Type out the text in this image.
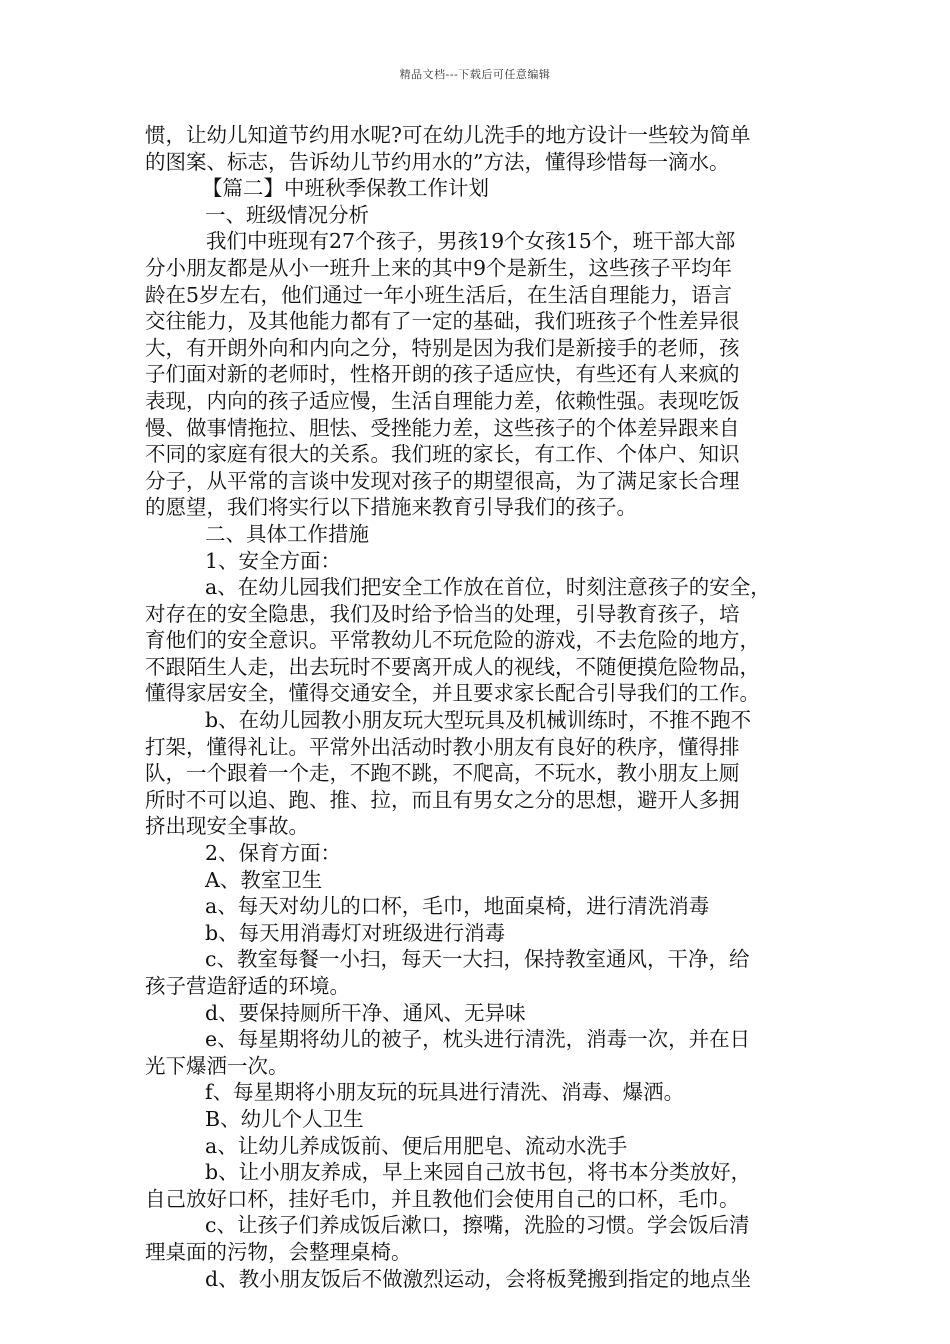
精品文档---下载后可任意编辑

惯，让幼儿知道节约用水呢?可在幼儿洗手的地方设计一些较为简单

的图案、标志，告诉幼儿节约用水的”方法，懂得珍惜每一滴水。

【篇二】中班秋季保教工作计划

一、班级情况分析

我们中班现有27个孩子，男孩19个女孩15个，班干部大部

分小朋友都是从小一班升上来的其中9个是新生，这些孩子平均年

龄在5岁左右，他们通过一年小班生活后，在生活自理能力，语言

交往能力，及其他能力都有了一定的基础，我们班孩子个性差异很

大，有开朗外向和内向之分，特别是因为我们是新接手的老师，孩

子们面对新的老师时，性格开朗的孩子适应快，有些还有人来疯的

表现，内向的孩子适应慢，生活自理能力差，依赖性强。表现吃饭

慢、做事情拖拉、胆怯、受挫能力差，这些孩子的个体差异跟来自

不同的家庭有很大的关系。我们班的家长，有工作、个体户、知识

分子，从平常的言谈中发现对孩子的期望很高，为了满足家长合理

的愿望，我们将实行以下措施来教育引导我们的孩子。

二、具体工作措施

1、安全方面：

a、在幼儿园我们把安全工作放在首位，时刻注意孩子的安全，

对存在的安全隐患，我们及时给予恰当的处理，引导教育孩子，培

育他们的安全意识。平常教幼儿不玩危险的游戏，不去危险的地方，

不跟陌生人走，出去玩时不要离开成人的视线，不随便摸危险物品，

懂得家居安全，懂得交通安全，并且要求家长配合引导我们的工作。

b、在幼儿园教小朋友玩大型玩具及机械训练时，不推不跑不

打架，懂得礼让。平常外出活动时教小朋友有良好的秩序，懂得排

队，一个跟着一个走，不跑不跳，不爬高，不玩水，教小朋友上厕

所时不可以追、跑、推、拉，而且有男女之分的思想，避开人多拥

挤出现安全事故。

2、保育方面：

A、教室卫生

a、每天对幼儿的口杯，毛巾，地面桌椅，进行清洗消毒

b、每天用消毒灯对班级进行消毒

c、教室每餐一小扫，每天一大扫，保持教室通风，干净，给

孩子营造舒适的环境。

d、要保持厕所干净、通风、无异味

e、每星期将幼儿的被子，枕头进行清洗，消毒一次，并在日

光下爆洒一次。

f、每星期将小朋友玩的玩具进行清洗、消毒、爆洒。

B、幼儿个人卫生

a、让幼儿养成饭前、便后用肥皂、流动水洗手

b、让小朋友养成，早上来园自己放书包，将书本分类放好，

自己放好口杯，挂好毛巾，并且教他们会使用自己的口杯，毛巾。

c、让孩子们养成饭后漱口，擦嘴，洗脸的习惯。学会饭后清

理桌面的污物，会整理桌椅。

d、教小朋友饭后不做激烈运动，会将板凳搬到指定的地点坐
